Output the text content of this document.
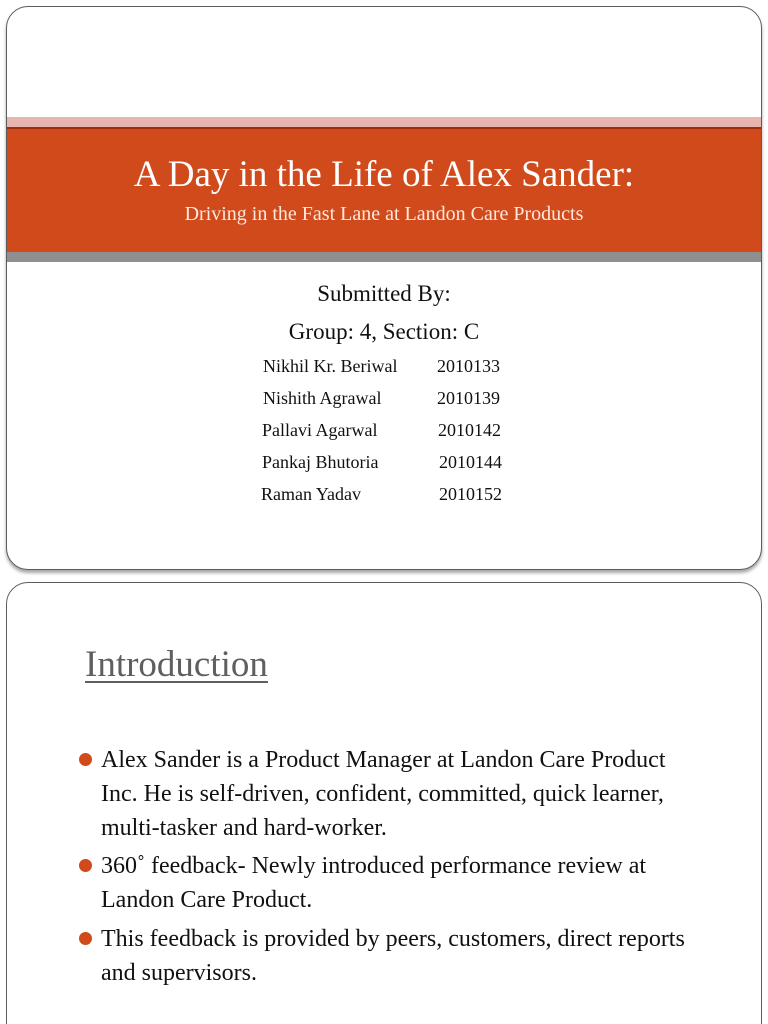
A Day in the Life of Alex Sander:
Driving in the Fast Lane at Landon Care Products
Submitted By:
Group: 4, Section: C
Nikhil Kr. Beriwal 2010133
Nishith Agrawal	2010139
Pallavi Agarwal	2010142
Pankaj Bhutoria	2010144
Raman Yadav	2010152
Introduction
Alex Sander is a Product Manager at Landon Care Product Inc. He is self-driven, confident, committed, quick learner, multi-tasker and hard-worker.
360˚ feedback- Newly introduced performance review at Landon Care Product.
This feedback is provided by peers, customers, direct reports and supervisors.
